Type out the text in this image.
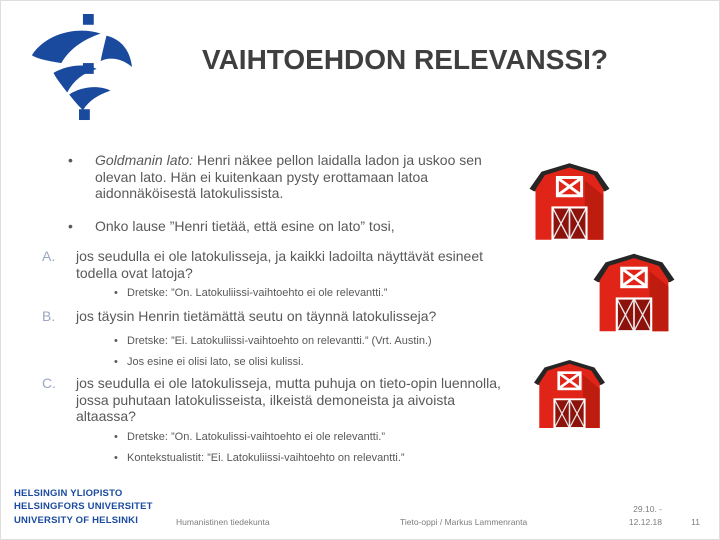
VAIHTOEHDON RELEVANSSI?
•	Goldmanin lato: Henri näkee pellon laidalla ladon ja uskoo sen olevan lato. Hän ei kuitenkaan pysty erottamaan latoa aidonnäköisestä latokulissista.
•	Onko lause ”Henri tietää, että esine on lato” tosi,
A.	jos seudulla ei ole latokulisseja, ja kaikki ladoilta näyttävät esineet todella ovat latoja?
• Dretske: ”On. Latokuliissi-vaihtoehto ei ole relevantti.”
B.	jos täysin Henrin tietämättä seutu on täynnä latokulisseja?
• Dretske: ”Ei. Latokuliissi-vaihtoehto on relevantti.” (Vrt. Austin.)
• Jos esine ei olisi lato, se olisi kulissi.
C.	jos seudulla ei ole latokulisseja, mutta puhuja on tieto-opin luennolla, jossa puhutaan latokulisseista, ilkeistä demoneista ja aivoista altaassa?
• Dretske: ”On. Latokulissi-vaihtoehto ei ole relevantti.”
• Kontekstualistit: ”Ei. Latokuliissi-vaihtoehto on relevantti.”
HELSINGIN YLIOPISTO
HELSINGFORS UNIVERSITET
UNIVERSITY OF HELSINKI	Humanistinen tiedekunta	Tieto-oppi / Markus Lammenranta
29.10. -
12.12.18	11
